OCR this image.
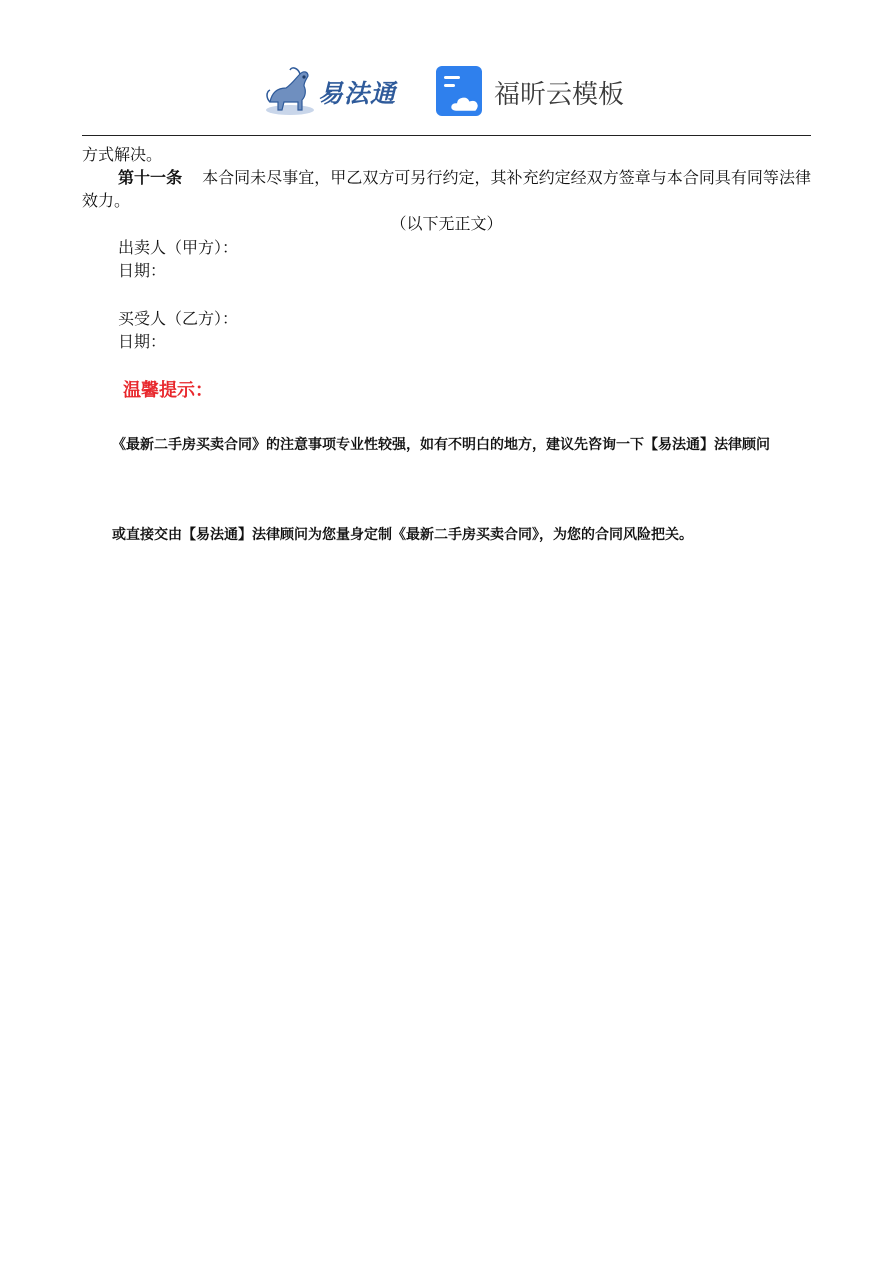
易法通	福昕云模板
方式解决。
第十一条 本合同未尽事宜，甲乙双方可另行约定，其补充约定经双方签章与本合同具有同等法律效力。
（以下无正文）
出卖人（甲方）：
日期：
买受人（乙方）：
日期：
温馨提示：
《最新二手房买卖合同》的注意事项专业性较强，如有不明白的地方，建议先咨询一下【易法通】法律顾问
或直接交由【易法通】法律顾问为您量身定制《最新二手房买卖合同》，为您的合同风险把关。
